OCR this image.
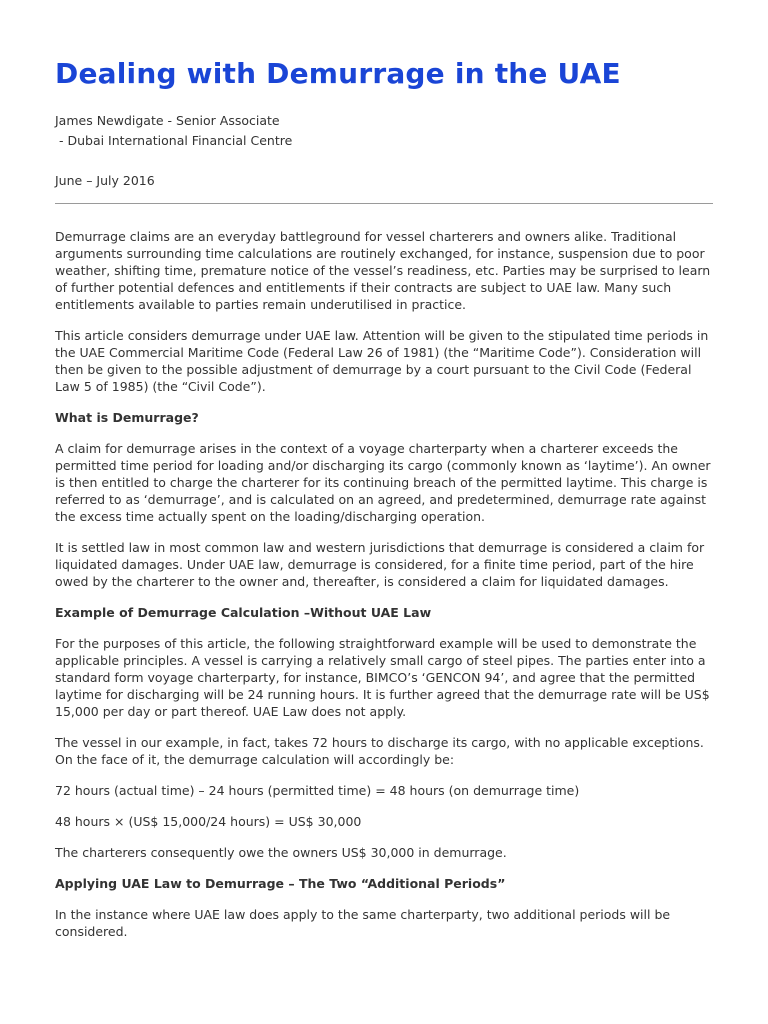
Dealing with Demurrage in the UAE
James Newdigate - Senior Associate
- Dubai International Financial Centre
June – July 2016

Demurrage claims are an everyday battleground for vessel charterers and owners alike. Traditional arguments surrounding time calculations are routinely exchanged, for instance, suspension due to poor weather, shifting time, premature notice of the vessel’s readiness, etc. Parties may be surprised to learn of further potential defences and entitlements if their contracts are subject to UAE law. Many such entitlements available to parties remain underutilised in practice.

This article considers demurrage under UAE law. Attention will be given to the stipulated time periods in the UAE Commercial Maritime Code (Federal Law 26 of 1981) (the “Maritime Code”). Consideration will then be given to the possible adjustment of demurrage by a court pursuant to the Civil Code (Federal Law 5 of 1985) (the “Civil Code”).

What is Demurrage?

A claim for demurrage arises in the context of a voyage charterparty when a charterer exceeds the permitted time period for loading and/or discharging its cargo (commonly known as ‘laytime’). An owner is then entitled to charge the charterer for its continuing breach of the permitted laytime. This charge is referred to as ‘demurrage’, and is calculated on an agreed, and predetermined, demurrage rate against the excess time actually spent on the loading/discharging operation.

It is settled law in most common law and western jurisdictions that demurrage is considered a claim for liquidated damages. Under UAE law, demurrage is considered, for a finite time period, part of the hire owed by the charterer to the owner and, thereafter, is considered a claim for liquidated damages.

Example of Demurrage Calculation –Without UAE Law

For the purposes of this article, the following straightforward example will be used to demonstrate the applicable principles. A vessel is carrying a relatively small cargo of steel pipes. The parties enter into a standard form voyage charterparty, for instance, BIMCO’s ‘GENCON 94’, and agree that the permitted laytime for discharging will be 24 running hours. It is further agreed that the demurrage rate will be US$ 15,000 per day or part thereof. UAE Law does not apply.

The vessel in our example, in fact, takes 72 hours to discharge its cargo, with no applicable exceptions. On the face of it, the demurrage calculation will accordingly be:

72 hours (actual time) – 24 hours (permitted time) = 48 hours (on demurrage time)

48 hours × (US$ 15,000/24 hours) = US$ 30,000

The charterers consequently owe the owners US$ 30,000 in demurrage.

Applying UAE Law to Demurrage – The Two “Additional Periods”

In the instance where UAE law does apply to the same charterparty, two additional periods will be considered.
